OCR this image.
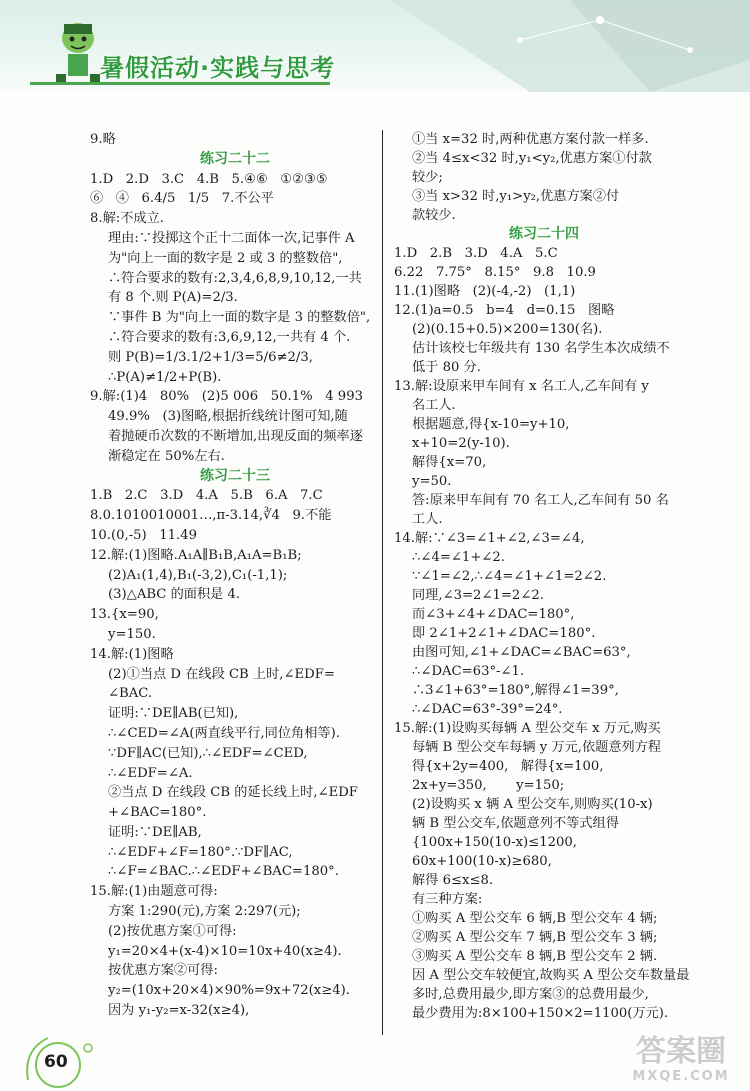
暑假活动·实践与思考
9.略
练习二十二
1.D   2.D   3.C   4.B   5.④⑥   ①②③⑤
⑥   ④   6.4/5   1/5   7.不公平
8.解:不成立.
理由:∵投掷这个正十二面体一次,记事件 A
为"向上一面的数字是 2 或 3 的整数倍",
∴符合要求的数有:2,3,4,6,8,9,10,12,一共
有 8 个.则 P(A)=2/3.
∵事件 B 为"向上一面的数字是 3 的整数倍",
∴符合要求的数有:3,6,9,12,一共有 4 个.
则 P(B)=1/3.1/2+1/3=5/6≠2/3,
∴P(A)≠1/2+P(B).
9.解:(1)4   80%   (2)5 006   50.1%   4 993
49.9%   (3)图略,根据折线统计图可知,随
着抛硬币次数的不断增加,出现反面的频率逐
渐稳定在 50%左右.
练习二十三
1.B   2.C   3.D   4.A   5.B   6.A   7.C
8.0.1010010001…,π-3.14,∛4   9.不能
10.(0,-5)   11.49
12.解:(1)图略.A₁A∥B₁B,A₁A=B₁B;
(2)A₁(1,4),B₁(-3,2),C₁(-1,1);
(3)△ABC 的面积是 4.
13.{x=90,
y=150.
14.解:(1)图略
(2)①当点 D 在线段 CB 上时,∠EDF=
∠BAC.
证明:∵DE∥AB(已知),
∴∠CED=∠A(两直线平行,同位角相等).
∵DF∥AC(已知),∴∠EDF=∠CED,
∴∠EDF=∠A.
②当点 D 在线段 CB 的延长线上时,∠EDF
+∠BAC=180°.
证明:∵DE∥AB,
∴∠EDF+∠F=180°.∵DF∥AC,
∴∠F=∠BAC.∴∠EDF+∠BAC=180°.
15.解:(1)由题意可得:
方案 1:290(元),方案 2:297(元);
(2)按优惠方案①可得:
y₁=20×4+(x-4)×10=10x+40(x≥4).
按优惠方案②可得:
y₂=(10x+20×4)×90%=9x+72(x≥4).
因为 y₁-y₂=x-32(x≥4),
①当 x=32 时,两种优惠方案付款一样多.
②当 4≤x<32 时,y₁<y₂,优惠方案①付款
较少;
③当 x>32 时,y₁>y₂,优惠方案②付
款较少.
练习二十四
1.D   2.B   3.D   4.A   5.C
6.22   7.75°   8.15°   9.8   10.9
11.(1)图略   (2)(-4,-2)   (1,1)
12.(1)a=0.5   b=4   d=0.15   图略
(2)(0.15+0.5)×200=130(名).
估计该校七年级共有 130 名学生本次成绩不
低于 80 分.
13.解:设原来甲车间有 x 名工人,乙车间有 y
名工人.
根据题意,得{x-10=y+10,
x+10=2(y-10).
解得{x=70,
y=50.
答:原来甲车间有 70 名工人,乙车间有 50 名
工人.
14.解:∵∠3=∠1+∠2,∠3=∠4,
∴∠4=∠1+∠2.
∵∠1=∠2,∴∠4=∠1+∠1=2∠2.
同理,∠3=2∠1=2∠2.
而∠3+∠4+∠DAC=180°,
即 2∠1+2∠1+∠DAC=180°.
由图可知,∠1+∠DAC=∠BAC=63°,
∴∠DAC=63°-∠1.
∴3∠1+63°=180°,解得∠1=39°,
∴∠DAC=63°-39°=24°.
15.解:(1)设购买每辆 A 型公交车 x 万元,购买
每辆 B 型公交车每辆 y 万元,依题意列方程
得{x+2y=400,   解得{x=100,
2x+y=350,       y=150;
(2)设购买 x 辆 A 型公交车,则购买(10-x)
辆 B 型公交车,依题意列不等式组得
{100x+150(10-x)≤1200,
60x+100(10-x)≥680,
解得 6≤x≤8.
有三种方案:
①购买 A 型公交车 6 辆,B 型公交车 4 辆;
②购买 A 型公交车 7 辆,B 型公交车 3 辆;
③购买 A 型公交车 8 辆,B 型公交车 2 辆.
因 A 型公交车较便宜,故购买 A 型公交车数量最
多时,总费用最少,即方案③的总费用最少,
最少费用为:8×100+150×2=1100(万元).
60	答案圈
MXQE.COM
